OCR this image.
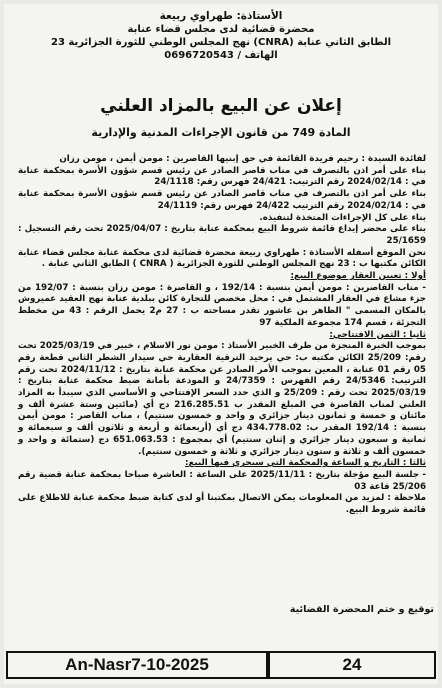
الأستاذة: طهراوي ربيعة
محضرة قضائية لدى مجلس قضاء عنابة
23 نهج المجلس الوطني للثورة الجزائرية (CNRA) الطابق الثاني عنابة
الهاتف / 0696720543
إعلان عن البيع بالمزاد العلني
المادة 749 من قانون الإجراءات المدنية والإدارية

لفائدة السيدة : رحيم فريدة القائمة في حق إبنيها القاصرين : مومن أيمن ، مومن رزان

بناء على أمر اذن بالتصرف في مناب قاصر الصادر عن رئيس قسم شؤون الأسرة بمحكمة عنابة في : 2024/02/14 رقم الترتيب: 24/421 فهرس رقم: 24/1118

بناء على أمر اذن بالتصرف في مناب قاصر الصادر عن رئيس قسم شؤون الأسرة بمحكمة عنابة في : 2024/02/14 رقم الترتيب 24/422 فهرس رقم: 24/1119

بناء على كل الإجراءات المتخذة لتنفيذه.

بناء على محضر إيداع قائمة شروط البيع بمحكمة عنابة بتاريخ : 2025/04/07 تحت رقم التسجيل : 25/1659

نحن الموقع أسفله الأستاذة : طهراوي ربيعة محضرة قضائية لدى محكمة عنابة مجلس قضاء عنابة الكائن مكتبها ب : 23 نهج المجلس الوطني للثورة الجزائرية ( CNRA ) الطابق الثاني عنابة .

أولا : تعيين العقار موضوع البيع:

- مناب القاصرين : مومن أيمن بنسبة : 192/14 ، و القاصرة : مومن رزان بنسبة : 192/07 من جزء مشاع في العقار المشتمل في : محل مخصص للتجارة كائن ببلدية عنابة نهج العقيد عميروش بالمكان المسمى " الظاهر بن عاشور تقدر مساحته ب : 27 م2 يحمل الرقم : 43 من مخطط التجزئة ، قسم 174 مجموعة الملكية 97

ثانيا : الثمن الافتتاحي:

بموجب الخبرة المنجزة من طرف الخبير الأستاذ : مومن نور الاسلام ، خبير في 2025/03/19 تحت رقم: 25/209 الكائن مكتبه ب: حي يرحيد الترقية العقارية حي سيدار الشطر الثاني قطعة رقم 05 رقم 01 عنابة ، المعين بموجب الأمر الصادر عن محكمة عنابة بتاريخ : 2024/11/12 تحت رقم الترتيب: 24/5346 رقم الفهرس : 24/7359 و المودعة بأمانة ضبط محكمة عنابة بتاريخ : 2025/03/19 تحت رقم : 25/209 و الذي حدد السعر الإفتتاحي و الأساسي الذي سيبدأ به المزاد العلني لمناب القاصرة في المبلغ المقدر ب 216.285.51 دج أي (مائتين وستة عشرة ألف و مائتان و خمسة و ثمانون دينار جزائري و واحد و خمسون سنتيم) ، مناب القاصر : مومن أيمن بنسبة : 192/14 المقدر ب: 434.778.02 دج أي (أربعمائة و أربعة و ثلاثون ألف و سبعمائة و ثمانية و سبعون دينار جزائري و إثنان سنتيم) أي بمجموع : 651.063.53 دج (ستمائة و واحد و خمسون ألف و ثلاثة و ستون دينار جزائري و ثلاثة و خمسون سنتيم).

ثالثا : التاريخ و الساعة والمحكمة التي سيجري فيها البيع:

- جلسة البيع مؤجلة بتاريخ : 2025/11/11 على الساعة : العاشرة صباحا بمحكمة عنابة قضية رقم 25/206 قاعة 03

ملاحظة : لمزيد من المعلومات يمكن الاتصال بمكتبنا أو لدى كتابة ضبط محكمة عنابة للاطلاع على قائمة شروط البيع.

توقيع و ختم المحضرة القضائية
An-Nasr7-10-2025	24
